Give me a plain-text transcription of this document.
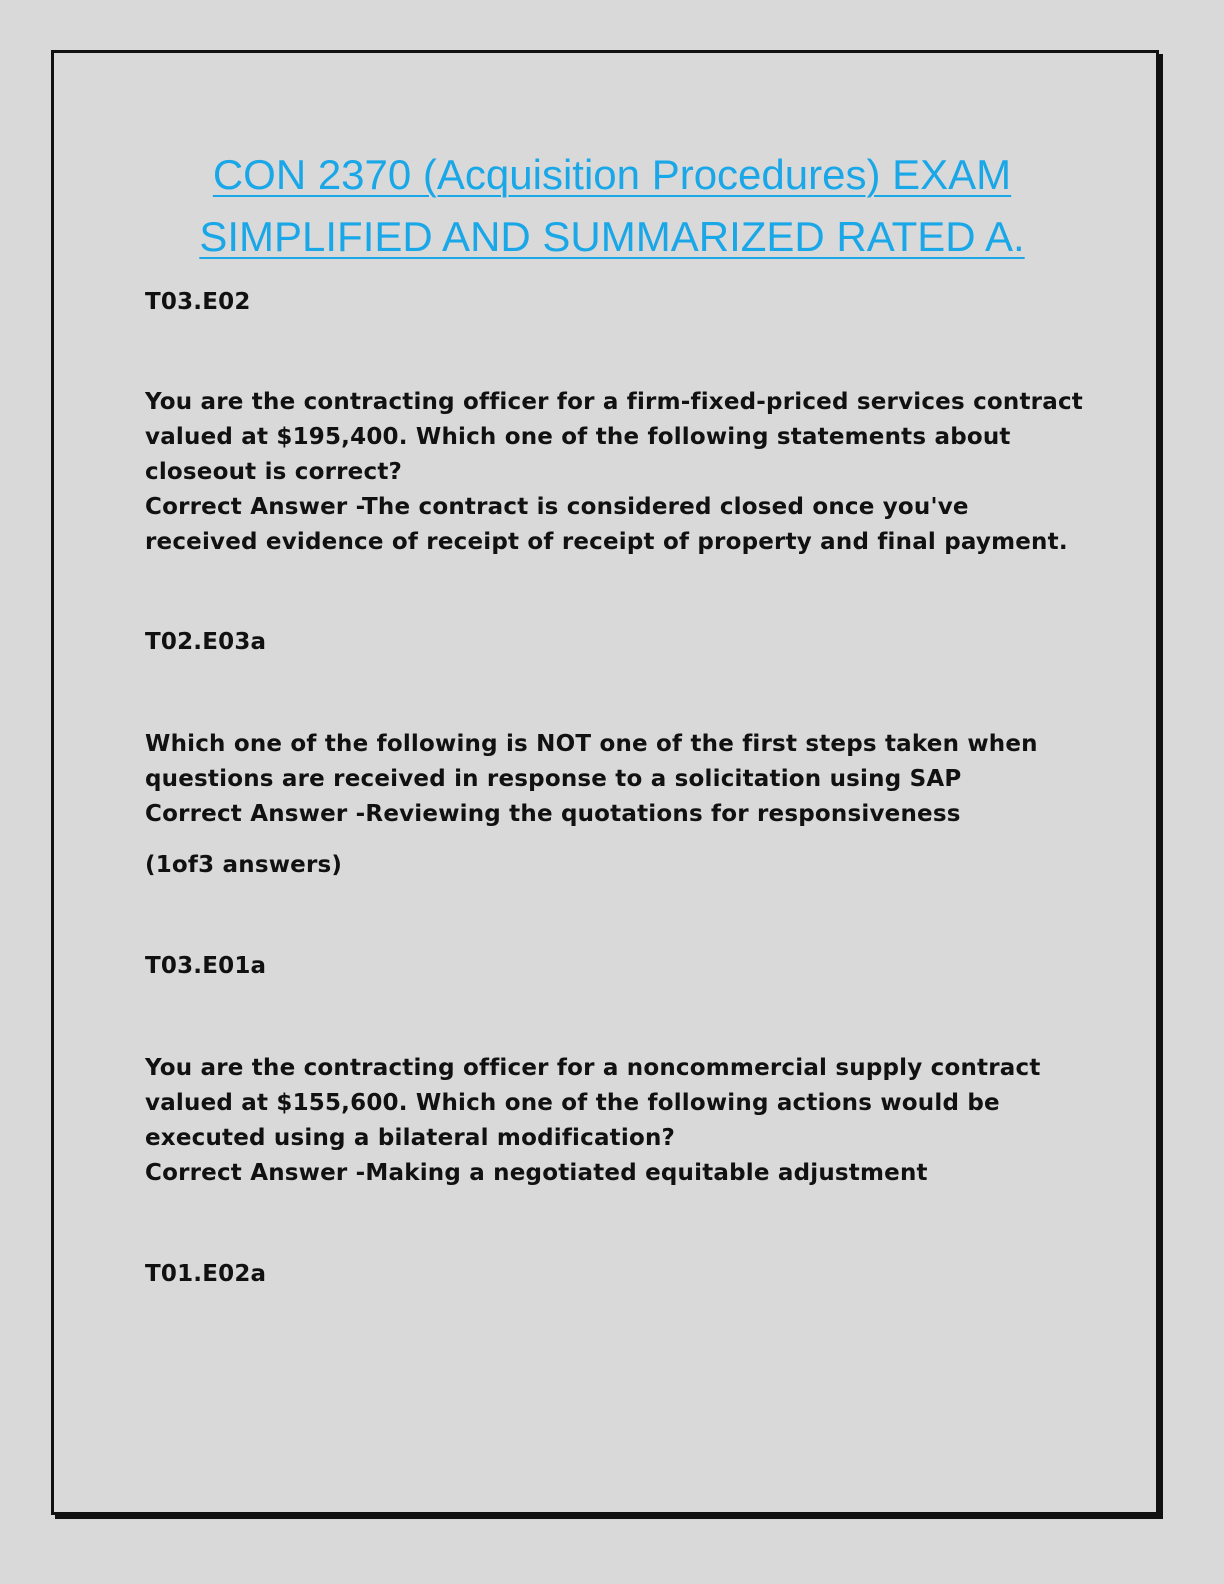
CON 2370 (Acquisition Procedures) EXAM
SIMPLIFIED AND SUMMARIZED RATED A.

T03.E02

You are the contracting officer for a firm-fixed-priced services contract valued at $195,400. Which one of the following statements about closeout is correct?

Correct Answer -The contract is considered closed once you've received evidence of receipt of receipt of property and final payment.

T02.E03a

Which one of the following is NOT one of the first steps taken when questions are received in response to a solicitation using SAP

Correct Answer -Reviewing the quotations for responsiveness

(1of3 answers)

T03.E01a

You are the contracting officer for a noncommercial supply contract valued at $155,600. Which one of the following actions would be executed using a bilateral modification?

Correct Answer -Making a negotiated equitable adjustment

T01.E02a
